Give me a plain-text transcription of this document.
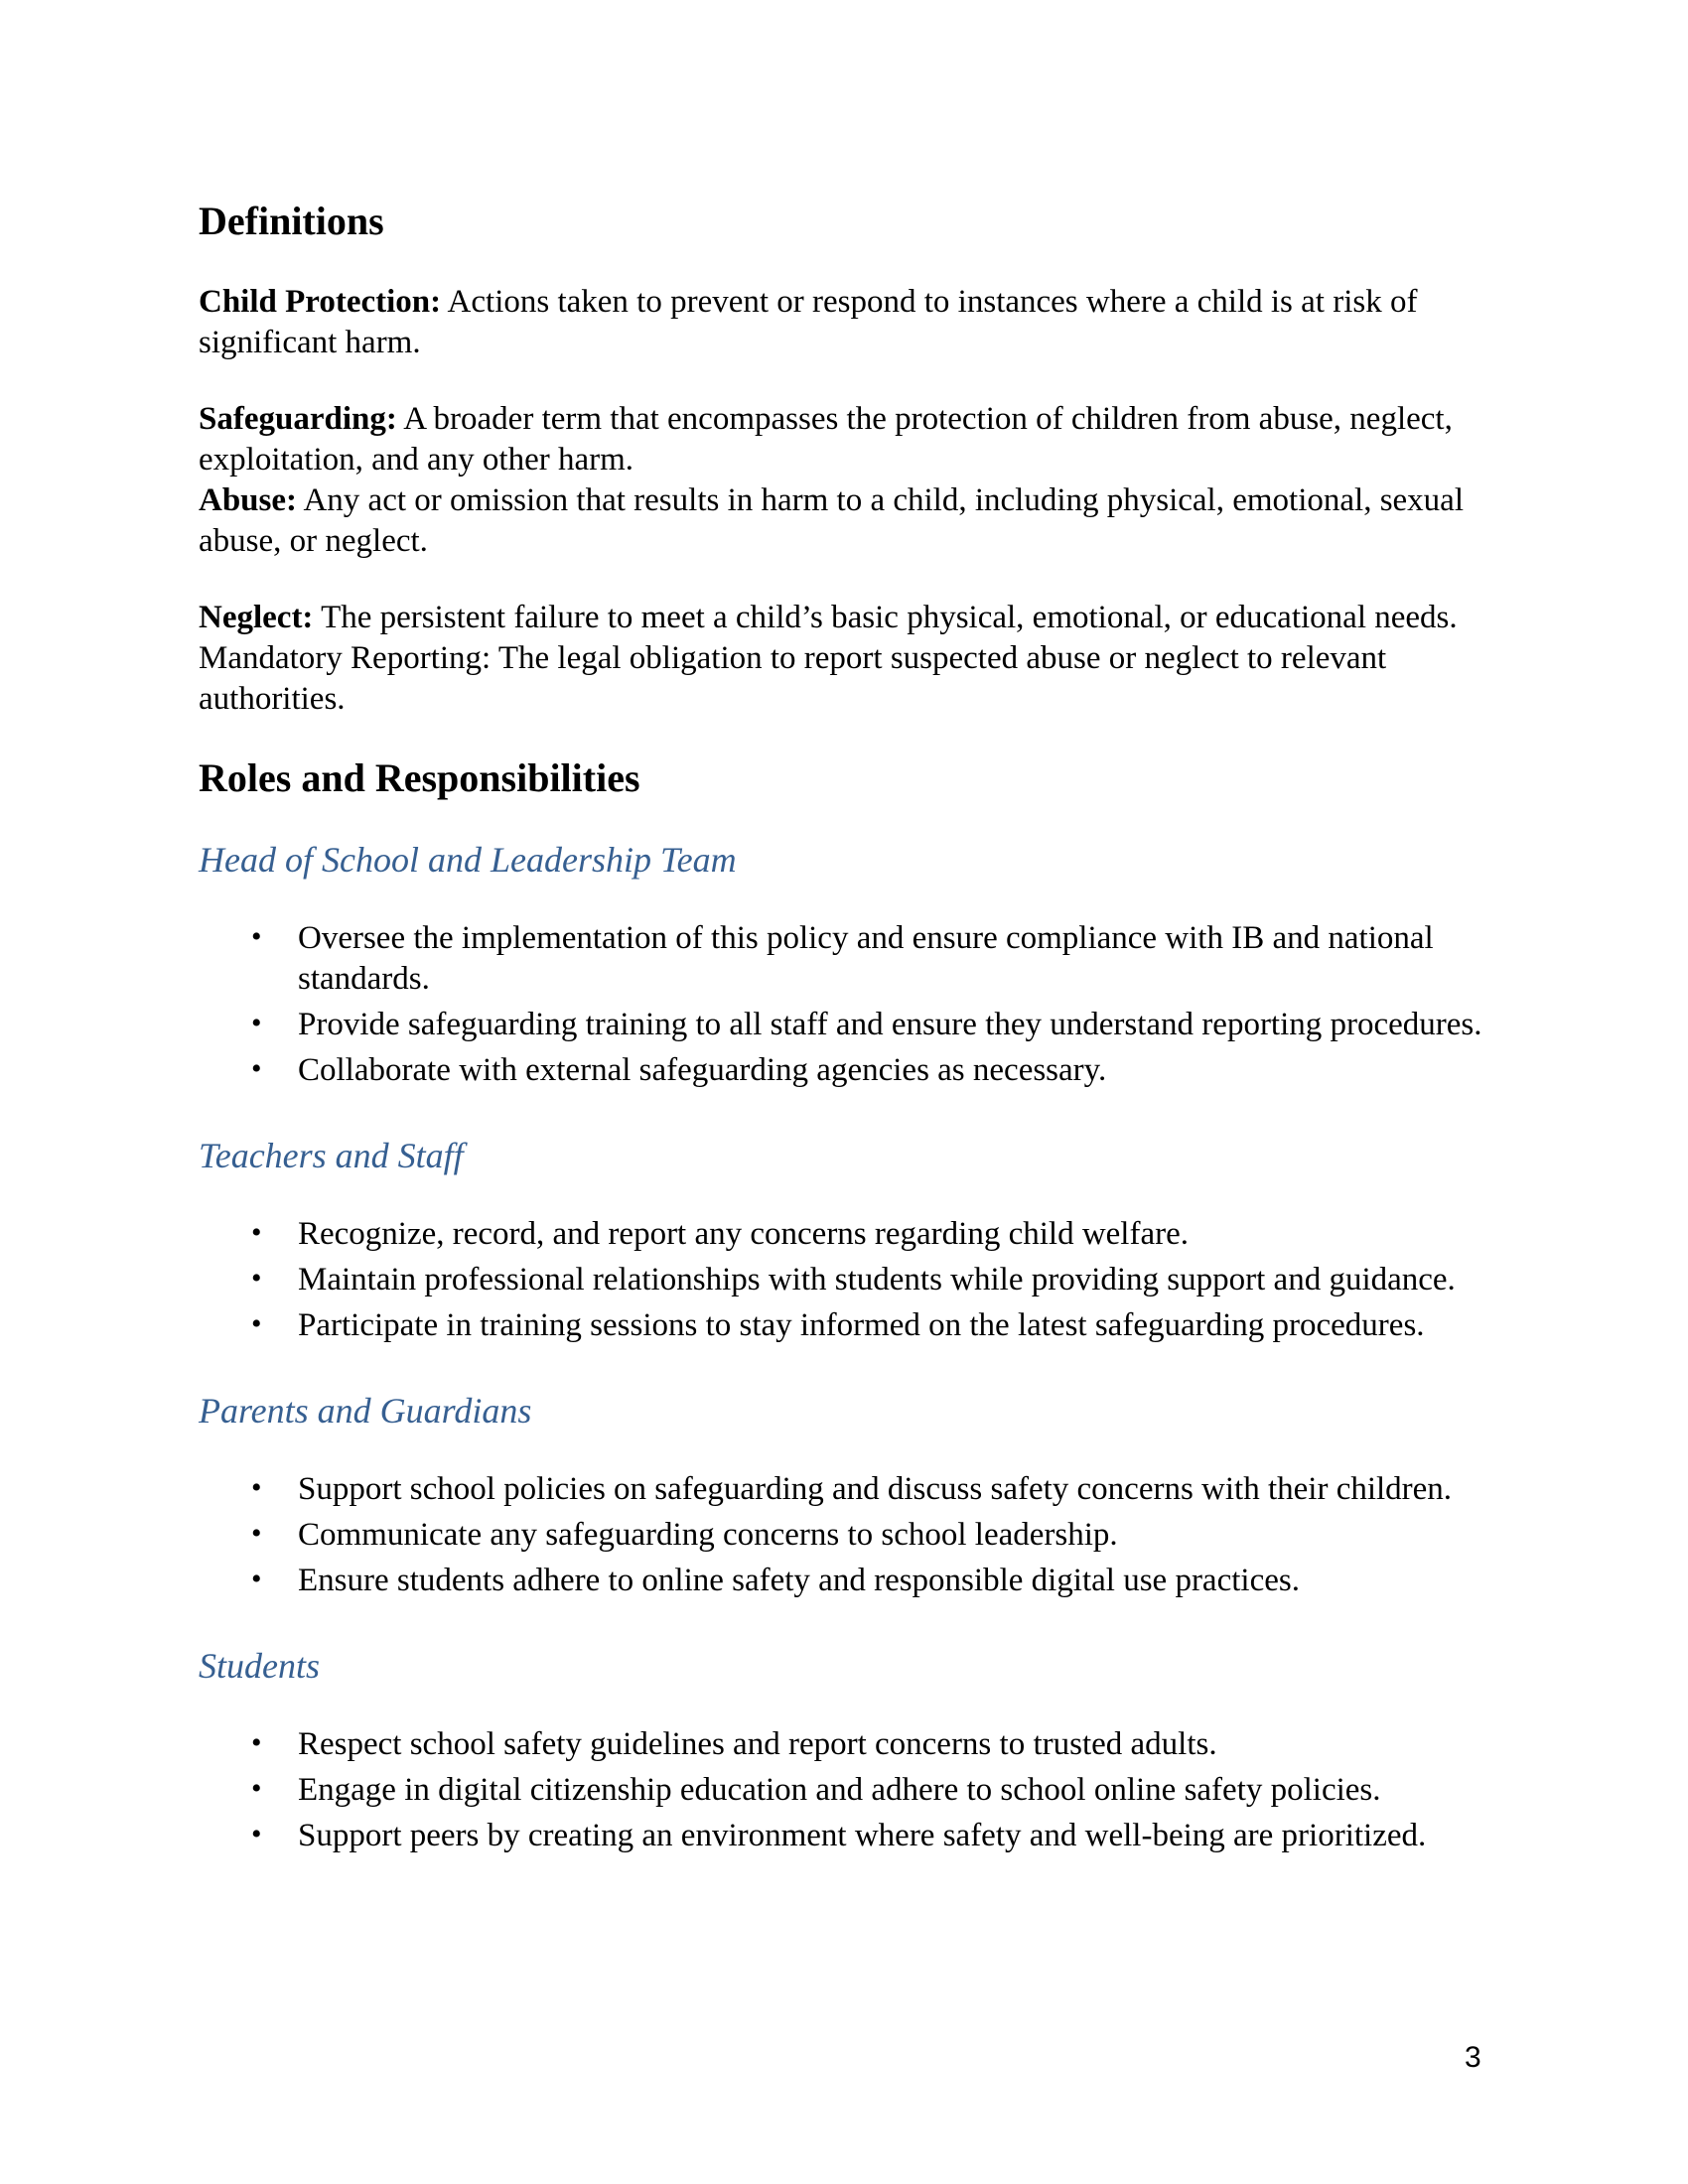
Definitions

Child Protection: Actions taken to prevent or respond to instances where a child is at risk of significant harm.

Safeguarding: A broader term that encompasses the protection of children from abuse, neglect, exploitation, and any other harm.
Abuse: Any act or omission that results in harm to a child, including physical, emotional, sexual abuse, or neglect.

Neglect: The persistent failure to meet a child’s basic physical, emotional, or educational needs. Mandatory Reporting: The legal obligation to report suspected abuse or neglect to relevant authorities.

Roles and Responsibilities
Head of School and Leadership Team
• Oversee the implementation of this policy and ensure compliance with IB and national standards.
• Provide safeguarding training to all staff and ensure they understand reporting procedures.
• Collaborate with external safeguarding agencies as necessary.
Teachers and Staff
• Recognize, record, and report any concerns regarding child welfare.
• Maintain professional relationships with students while providing support and guidance.
• Participate in training sessions to stay informed on the latest safeguarding procedures.
Parents and Guardians
• Support school policies on safeguarding and discuss safety concerns with their children.
• Communicate any safeguarding concerns to school leadership.
• Ensure students adhere to online safety and responsible digital use practices.
Students
• Respect school safety guidelines and report concerns to trusted adults.
• Engage in digital citizenship education and adhere to school online safety policies.
• Support peers by creating an environment where safety and well-being are prioritized.
3
